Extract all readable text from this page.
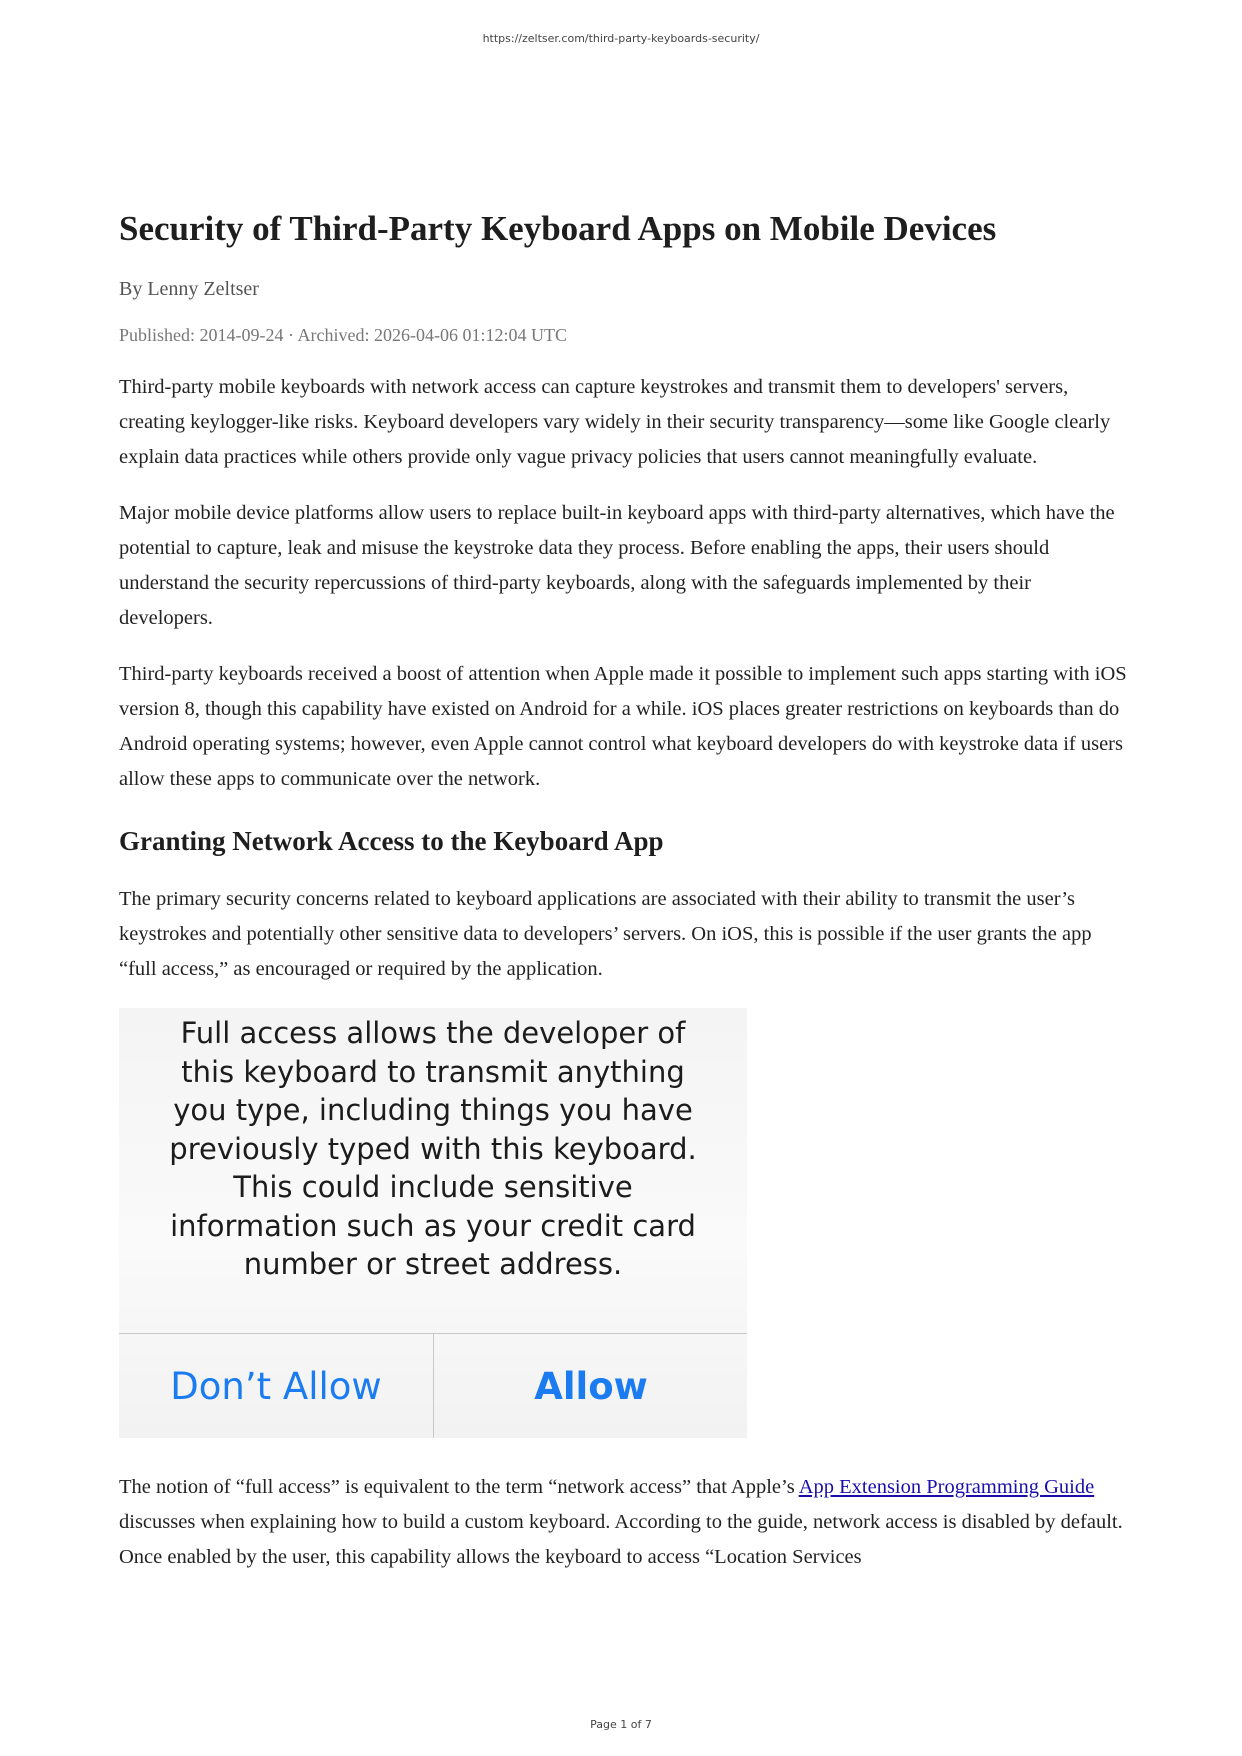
https://zeltser.com/third-party-keyboards-security/
Security of Third-Party Keyboard Apps on Mobile Devices
By Lenny Zeltser
Published: 2014-09-24 · Archived: 2026-04-06 01:12:04 UTC

Third-party mobile keyboards with network access can capture keystrokes and transmit them to developers' servers, creating keylogger-like risks. Keyboard developers vary widely in their security transparency—some like Google clearly explain data practices while others provide only vague privacy policies that users cannot meaningfully evaluate.

Major mobile device platforms allow users to replace built-in keyboard apps with third-party alternatives, which have the potential to capture, leak and misuse the keystroke data they process. Before enabling the apps, their users should understand the security repercussions of third-party keyboards, along with the safeguards implemented by their developers.

Third-party keyboards received a boost of attention when Apple made it possible to implement such apps starting with iOS version 8, though this capability have existed on Android for a while. iOS places greater restrictions on keyboards than do Android operating systems; however, even Apple cannot control what keyboard developers do with keystroke data if users allow these apps to communicate over the network.

Granting Network Access to the Keyboard App

The primary security concerns related to keyboard applications are associated with their ability to transmit the user’s keystrokes and potentially other sensitive data to developers’ servers. On iOS, this is possible if the user grants the app “full access,” as encouraged or required by the application.

Full access allows the developer of
this keyboard to transmit anything
you type, including things you have
previously typed with this keyboard.
This could include sensitive
information such as your credit card
number or street address.
Don’t Allow	Allow

The notion of “full access” is equivalent to the term “network access” that Apple’s App Extension Programming Guide discusses when explaining how to build a custom keyboard. According to the guide, network access is disabled by default. Once enabled by the user, this capability allows the keyboard to access “Location Services

Page 1 of 7
